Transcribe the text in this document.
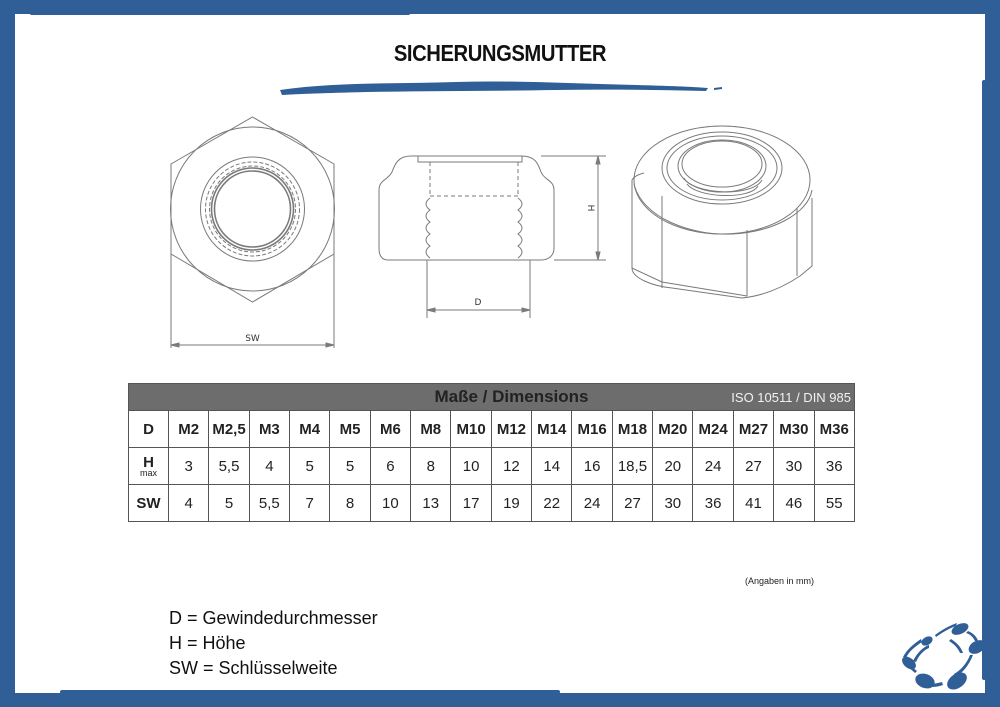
SICHERUNGSMUTTER
SW
D
H
Maße / Dimensions ISO 10511 / DIN 985																	

D	M2	M2,5	M3	M4	M5	M6	M8	M10	M12	M14	M16	M18	M20	M24	M27	M30	M36
H
max	3	5,5	4	5	5	6	8	10	12	14	16	18,5	20	24	27	30	36
SW	4	5	5,5	7	8	10	13	17	19	22	24	27	30	36	41	46	55
(Angaben in mm)
D = Gewindedurchmesser
H = Höhe
SW = Schlüsselweite
